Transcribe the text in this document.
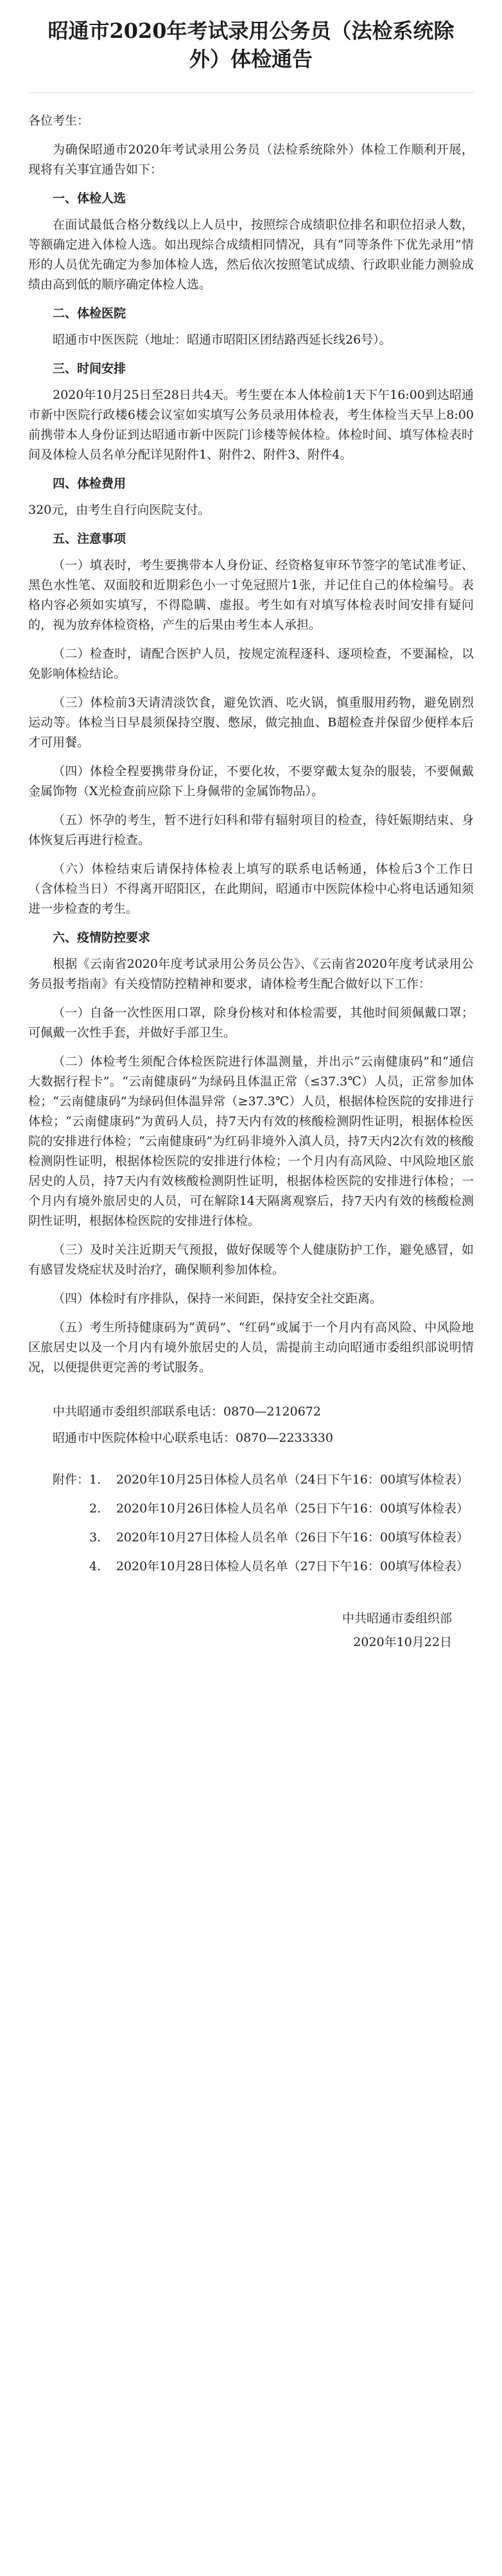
昭通市2020年考试录用公务员（法检系统除外）体检通告
各位考生：
为确保昭通市2020年考试录用公务员（法检系统除外）体检工作顺利开展，现将有关事宜通告如下：
一、体检人选
在面试最低合格分数线以上人员中，按照综合成绩职位排名和职位招录人数，等额确定进入体检人选。如出现综合成绩相同情况，具有“同等条件下优先录用”情形的人员优先确定为参加体检人选，然后依次按照笔试成绩、行政职业能力测验成绩由高到低的顺序确定体检人选。
二、体检医院
昭通市中医医院（地址：昭通市昭阳区团结路西延长线26号）。
三、时间安排
2020年10月25日至28日共4天。考生要在本人体检前1天下午16:00到达昭通市新中医院行政楼6楼会议室如实填写公务员录用体检表，考生体检当天早上8:00前携带本人身份证到达昭通市新中医院门诊楼等候体检。体检时间、填写体检表时间及体检人员名单分配详见附件1、附件2、附件3、附件4。
四、体检费用
320元，由考生自行向医院支付。
五、注意事项
（一）填表时，考生要携带本人身份证、经资格复审环节签字的笔试准考证、黑色水性笔、双面胶和近期彩色小一寸免冠照片1张，并记住自己的体检编号。表格内容必须如实填写，不得隐瞒、虚报。考生如有对填写体检表时间安排有疑问的，视为放弃体检资格，产生的后果由考生本人承担。
（二）检查时，请配合医护人员，按规定流程逐科、逐项检查，不要漏检，以免影响体检结论。
（三）体检前3天请清淡饮食，避免饮酒、吃火锅，慎重服用药物，避免剧烈运动等。体检当日早晨须保持空腹、憋尿，做完抽血、B超检查并保留少便样本后才可用餐。
（四）体检全程要携带身份证，不要化妆，不要穿戴太复杂的服装，不要佩戴金属饰物（X光检查前应除下上身佩带的金属饰物品）。
（五）怀孕的考生，暂不进行妇科和带有辐射项目的检查，待妊娠期结束、身体恢复后再进行检查。
（六）体检结束后请保持体检表上填写的联系电话畅通，体检后3个工作日（含体检当日）不得离开昭阳区，在此期间，昭通市中医院体检中心将电话通知须进一步检查的考生。
六、疫情防控要求
根据《云南省2020年度考试录用公务员公告》、《云南省2020年度考试录用公务员报考指南》有关疫情防控精神和要求，请体检考生配合做好以下工作：
（一）自备一次性医用口罩，除身份核对和体检需要，其他时间须佩戴口罩；可佩戴一次性手套，并做好手部卫生。
（二）体检考生须配合体检医院进行体温测量，并出示“云南健康码”和“通信大数据行程卡”。“云南健康码”为绿码且体温正常（≤37.3℃）人员，正常参加体检；“云南健康码”为绿码但体温异常（≥37.3℃）人员，根据体检医院的安排进行体检；“云南健康码”为黄码人员，持7天内有效的核酸检测阴性证明，根据体检医院的安排进行体检；“云南健康码”为红码非境外入滇人员，持7天内2次有效的核酸检测阴性证明，根据体检医院的安排进行体检；一个月内有高风险、中风险地区旅居史的人员，持7天内有效核酸检测阴性证明，根据体检医院的安排进行体检；一个月内有境外旅居史的人员，可在解除14天隔离观察后，持7天内有效的核酸检测阴性证明，根据体检医院的安排进行体检。
（三）及时关注近期天气预报，做好保暖等个人健康防护工作，避免感冒，如有感冒发烧症状及时治疗，确保顺利参加体检。
（四）体检时有序排队，保持一米间距，保持安全社交距离。
（五）考生所持健康码为“黄码”、“红码”或属于一个月内有高风险、中风险地区旅居史以及一个月内有境外旅居史的人员，需提前主动向昭通市委组织部说明情况，以便提供更完善的考试服务。
中共昭通市委组织部联系电话：0870—2120672
昭通市中医院体检中心联系电话：0870—2233330
附件： 1.	2020年10月25日体检人员名单（24日下午16：00填写体检表）
2.	2020年10月26日体检人员名单（25日下午16：00填写体检表）
3.	2020年10月27日体检人员名单（26日下午16：00填写体检表）
4.	2020年10月28日体检人员名单（27日下午16：00填写体检表）
中共昭通市委组织部
2020年10月22日
